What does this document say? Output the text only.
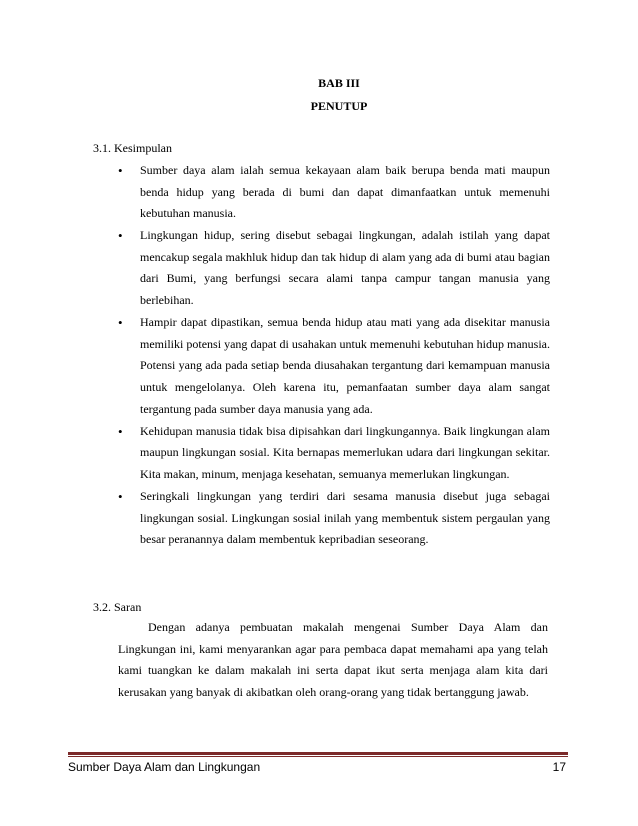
BAB III
PENUTUP
3.1. Kesimpulan
• Sumber daya alam ialah semua kekayaan alam baik berupa benda mati maupun benda hidup yang berada di bumi dan dapat dimanfaatkan untuk memenuhi kebutuhan manusia.
• Lingkungan hidup, sering disebut sebagai lingkungan, adalah istilah yang dapat mencakup segala makhluk hidup dan tak hidup di alam yang ada di bumi atau bagian dari Bumi, yang berfungsi secara alami tanpa campur tangan manusia yang berlebihan.
• Hampir dapat dipastikan, semua benda hidup atau mati yang ada disekitar manusia memiliki potensi yang dapat di usahakan untuk memenuhi kebutuhan hidup manusia. Potensi yang ada pada setiap benda diusahakan tergantung dari kemampuan manusia untuk mengelolanya. Oleh karena itu, pemanfaatan sumber daya alam sangat tergantung pada sumber daya manusia yang ada.
• Kehidupan manusia tidak bisa dipisahkan dari lingkungannya. Baik lingkungan alam maupun lingkungan sosial. Kita bernapas memerlukan udara dari lingkungan sekitar. Kita makan, minum, menjaga kesehatan, semuanya memerlukan lingkungan.
• Seringkali lingkungan yang terdiri dari sesama manusia disebut juga sebagai lingkungan sosial. Lingkungan sosial inilah yang membentuk sistem pergaulan yang besar peranannya dalam membentuk kepribadian seseorang.
3.2. Saran

Dengan adanya pembuatan makalah mengenai Sumber Daya Alam dan Lingkungan ini, kami menyarankan agar para pembaca dapat memahami apa yang telah kami tuangkan ke dalam makalah ini serta dapat ikut serta menjaga alam kita dari kerusakan yang banyak di akibatkan oleh orang-orang yang tidak bertanggung jawab.

Sumber Daya Alam dan Lingkungan	17
